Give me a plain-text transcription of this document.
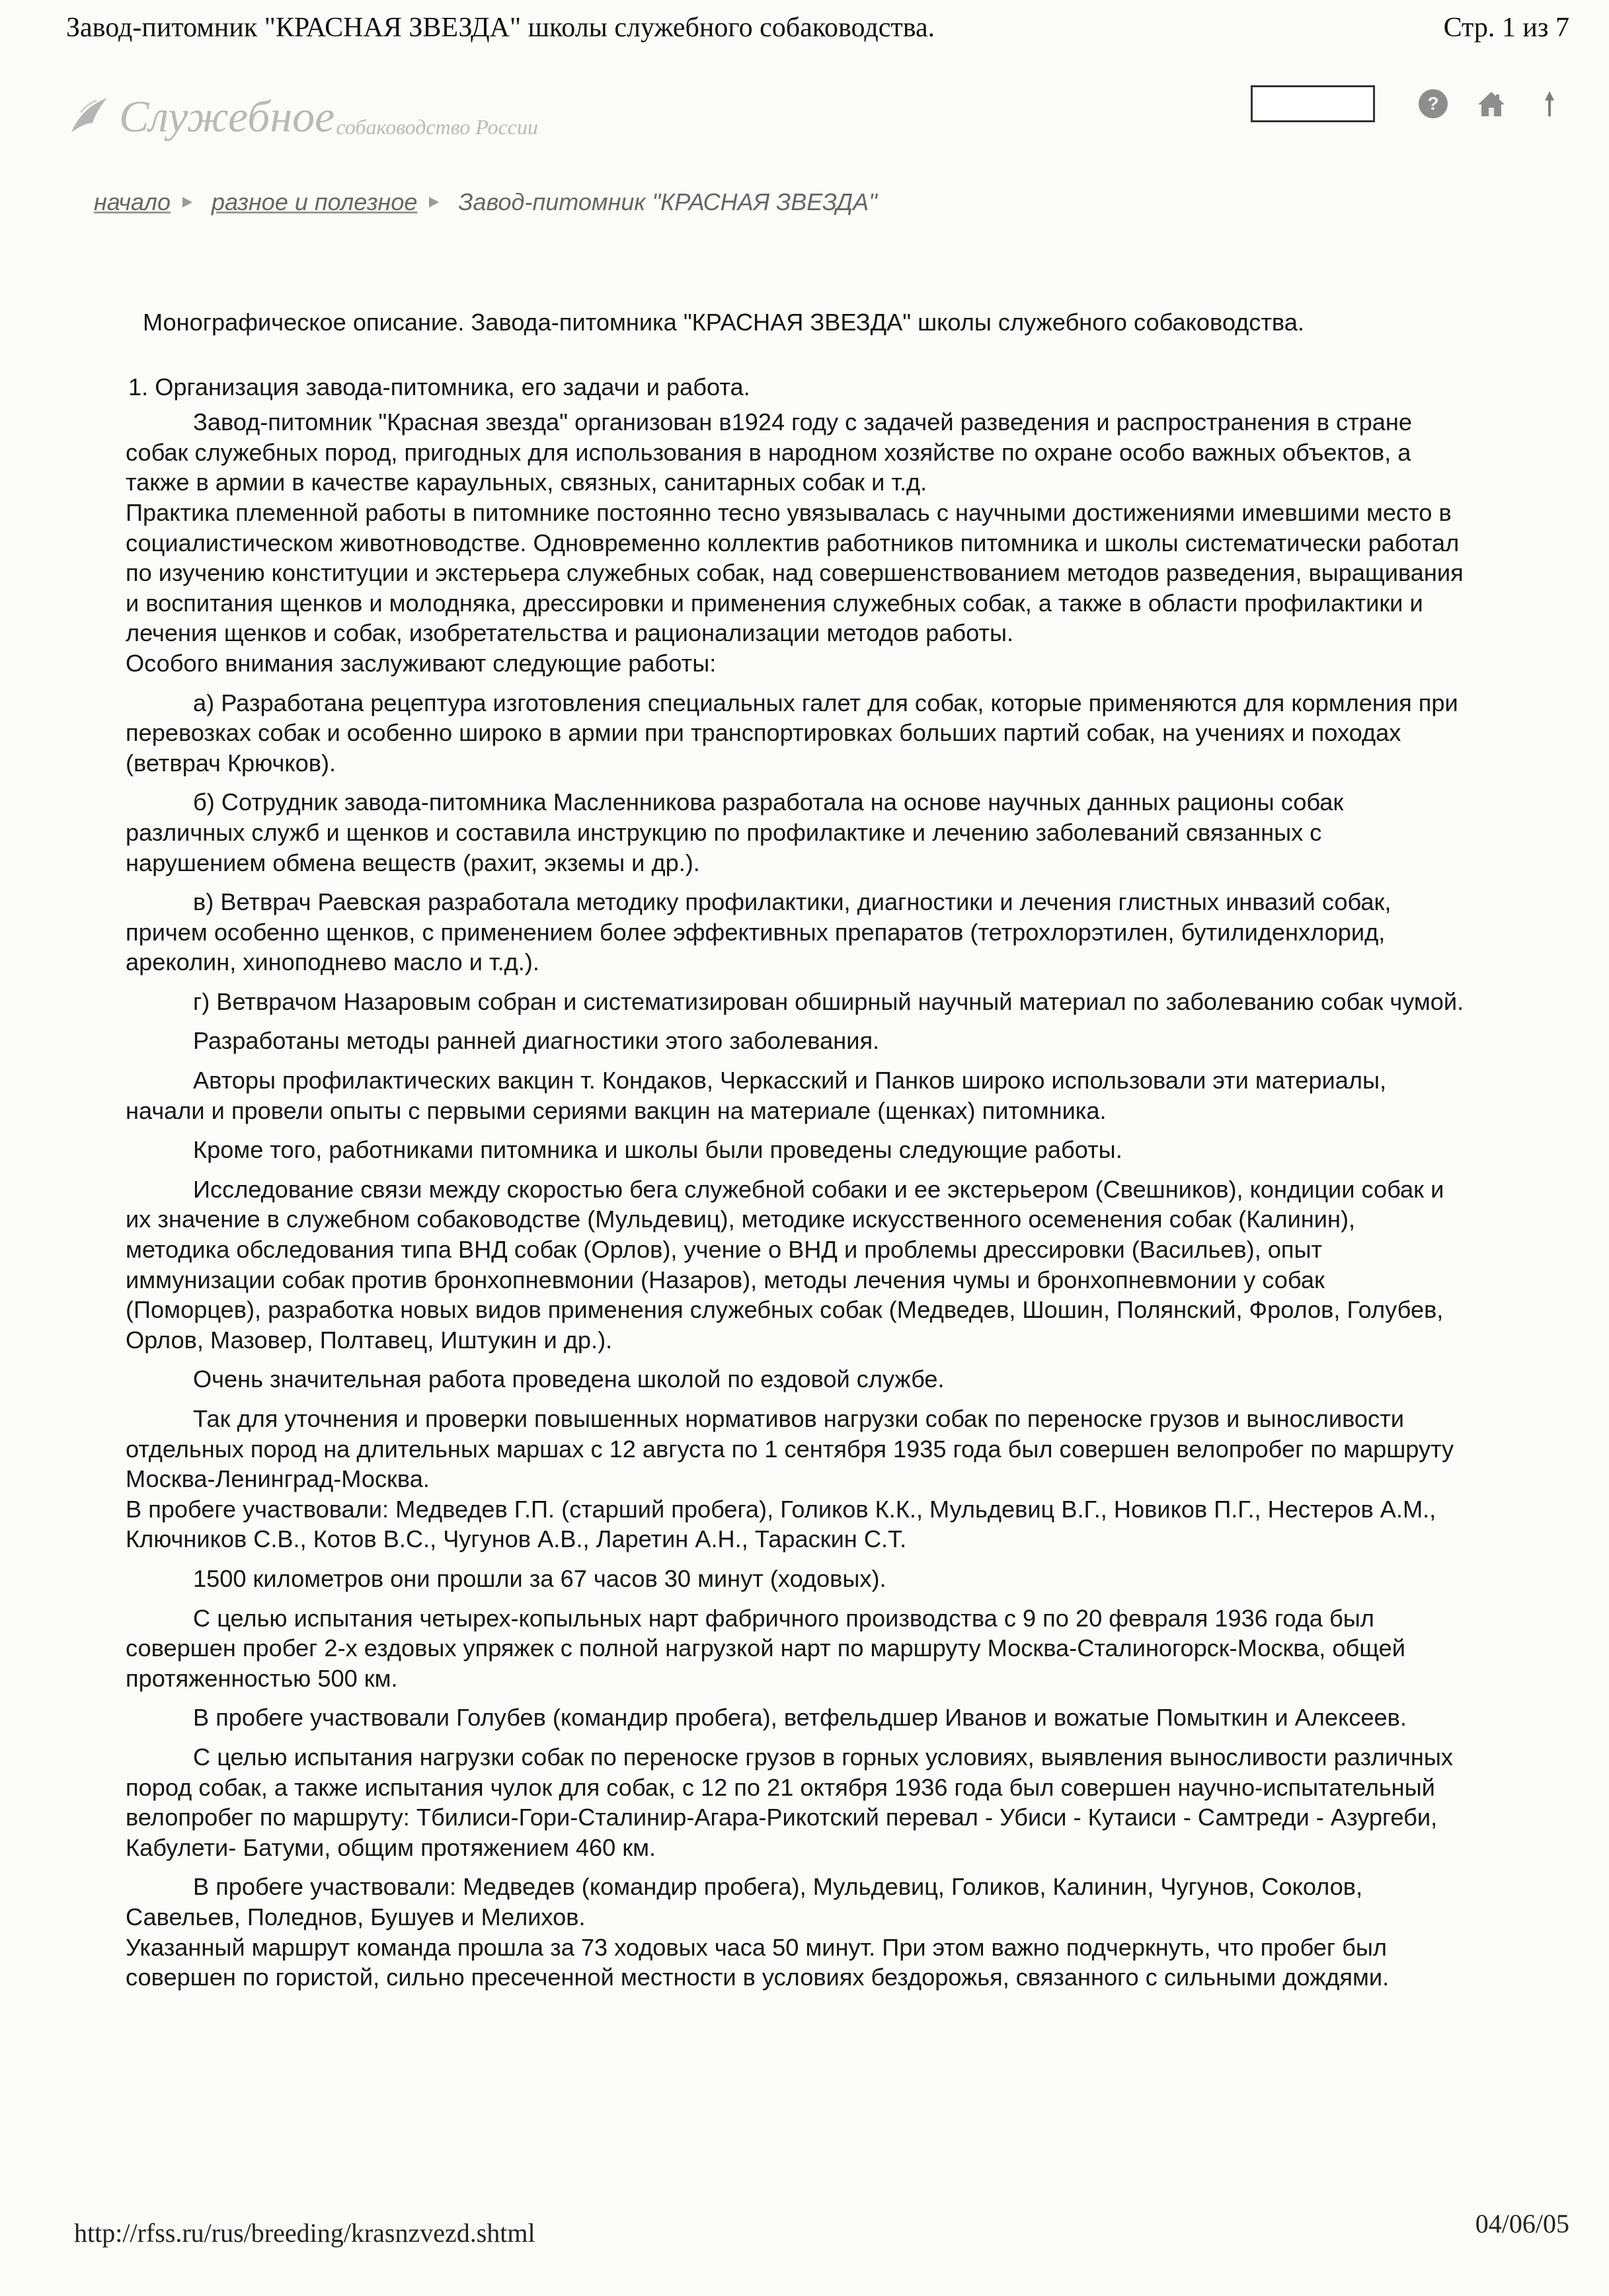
Завод-питомник "КРАСНАЯ ЗВЕЗДА" школы служебного собаководства.	Стр. 1 из 7
Служебное собаководство России
?
начало разное и полезное Завод-питомник "КРАСНАЯ ЗВЕЗДА"

Монографическое описание. Завода-питомника "КРАСНАЯ ЗВЕЗДА" школы служебного собаководства.

1. Организация завода-питомника, его задачи и работа.

Завод-питомник "Красная звезда" организован в1924 году с задачей разведения и распространения в стране собак служебных пород, пригодных для использования в народном хозяйстве по охране особо важных объектов, а также в армии в качестве караульных, связных, санитарных собак и т.д.

Практика племенной работы в питомнике постоянно тесно увязывалась с научными достижениями имевшими место в социалистическом животноводстве. Одновременно коллектив работников питомника и школы систематически работал по изучению конституции и экстерьера служебных собак, над совершенствованием методов разведения, выращивания и воспитания щенков и молодняка, дрессировки и применения служебных собак, а также в области профилактики и лечения щенков и собак, изобретательства и рационализации методов работы.

Особого внимания заслуживают следующие работы:

а) Разработана рецептура изготовления специальных галет для собак, которые применяются для кормления при перевозках собак и особенно широко в армии при транспортировках больших партий собак, на учениях и походах (ветврач Крючков).

б) Сотрудник завода-питомника Масленникова разработала на основе научных данных рационы собак различных служб и щенков и составила инструкцию по профилактике и лечению заболеваний связанных с нарушением обмена веществ (рахит, экземы и др.).

в) Ветврач Раевская разработала методику профилактики, диагностики и лечения глистных инвазий собак, причем особенно щенков, с применением более эффективных препаратов (тетрохлорэтилен, бутилиденхлорид, ареколин, хиноподнево масло и т.д.).

г) Ветврачом Назаровым собран и систематизирован обширный научный материал по заболеванию собак чумой.

Разработаны методы ранней диагностики этого заболевания.

Авторы профилактических вакцин т. Кондаков, Черкасский и Панков широко использовали эти материалы, начали и провели опыты с первыми сериями вакцин на материале (щенках) питомника.

Кроме того, работниками питомника и школы были проведены следующие работы.

Исследование связи между скоростью бега служебной собаки и ее экстерьером (Свешников), кондиции собак и их значение в служебном собаководстве (Мульдевиц), методике искусственного осеменения собак (Калинин), методика обследования типа ВНД собак (Орлов), учение о ВНД и проблемы дрессировки (Васильев), опыт иммунизации собак против бронхопневмонии (Назаров), методы лечения чумы и бронхопневмонии у собак (Поморцев), разработка новых видов применения служебных собак (Медведев, Шошин, Полянский, Фролов, Голубев, Орлов, Мазовер, Полтавец, Иштукин и др.).

Очень значительная работа проведена школой по ездовой службе.

Так для уточнения и проверки повышенных нормативов нагрузки собак по переноске грузов и выносливости отдельных пород на длительных маршах с 12 августа по 1 сентября 1935 года был совершен велопробег по маршруту Москва-Ленинград-Москва.

В пробеге участвовали: Медведев Г.П. (старший пробега), Голиков К.К., Мульдевиц В.Г., Новиков П.Г., Нестеров А.М., Ключников С.В., Котов В.С., Чугунов А.В., Ларетин А.Н., Тараскин С.Т.

1500 километров они прошли за 67 часов 30 минут (ходовых).

С целью испытания четырех-копыльных нарт фабричного производства с 9 по 20 февраля 1936 года был совершен пробег 2-х ездовых упряжек с полной нагрузкой нарт по маршруту Москва-Сталиногорск-Москва, общей протяженностью 500 км.

В пробеге участвовали Голубев (командир пробега), ветфельдшер Иванов и вожатые Помыткин и Алексеев.

С целью испытания нагрузки собак по переноске грузов в горных условиях, выявления выносливости различных пород собак, а также испытания чулок для собак, с 12 по 21 октября 1936 года был совершен научно-испытательный велопробег по маршруту: Тбилиси-Гори-Сталинир-Агара-Рикотский перевал - Убиси - Кутаиси - Самтреди - Азургеби, Кабулети- Батуми, общим протяжением 460 км.

В пробеге участвовали: Медведев (командир пробега), Мульдевиц, Голиков, Калинин, Чугунов, Соколов, Савельев, Поледнов, Бушуев и Мелихов.

Указанный маршрут команда прошла за 73 ходовых часа 50 минут. При этом важно подчеркнуть, что пробег был совершен по гористой, сильно пресеченной местности в условиях бездорожья, связанного с сильными дождями.

http://rfss.ru/rus/breeding/krasnzvezd.shtml	04/06/05
